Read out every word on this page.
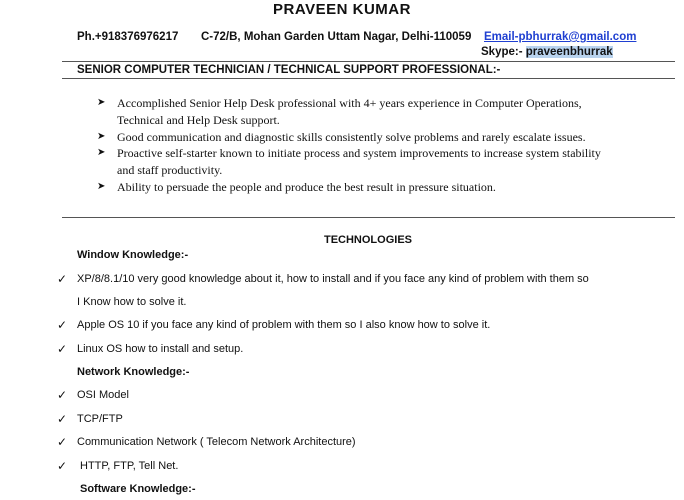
PRAVEEN KUMAR
Ph.+918376976217 C-72/B, Mohan Garden Uttam Nagar, Delhi-110059 Email-pbhurrak@gmail.com
Skype:- praveenbhurrak
SENIOR COMPUTER TECHNICIAN / TECHNICAL SUPPORT PROFESSIONAL:-
➤ Accomplished Senior Help Desk professional with 4+ years experience in Computer Operations, Technical and Help Desk support.
➤ Good communication and diagnostic skills consistently solve problems and rarely escalate issues.
➤ Proactive self-starter known to initiate process and system improvements to increase system stability and staff productivity.
➤ Ability to persuade the people and produce the best result in pressure situation.
TECHNOLOGIES
Window Knowledge:-
✓ XP/8/8.1/10 very good knowledge about it, how to install and if you face any kind of problem with them so
I Know how to solve it.
✓ Apple OS 10 if you face any kind of problem with them so I also know how to solve it.
✓ Linux OS how to install and setup.
Network Knowledge:-
✓ OSI Model
✓ TCP/FTP
✓ Communication Network ( Telecom Network Architecture)
✓ HTTP, FTP, Tell Net.
Software Knowledge:-
